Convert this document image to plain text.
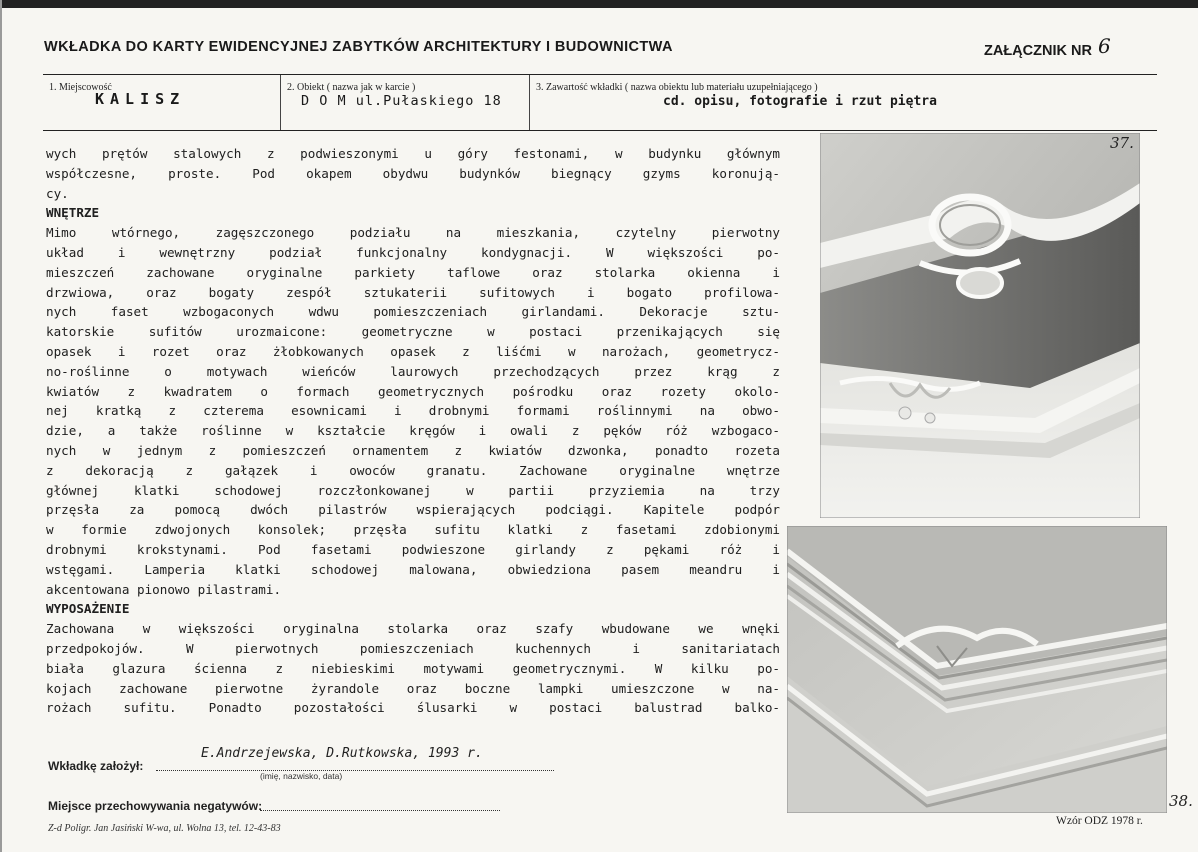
WKŁADKA DO KARTY EWIDENCYJNEJ ZABYTKÓW ARCHITEKTURY I BUDOWNICTWA	ZAŁĄCZNIK NR 6
1. Miejscowość
KALISZ
2. Obiekt ( nazwa jak w karcie )
D O M ul.Pułaskiego 18
3. Zawartość wkładki ( nazwa obiektu lub materiału uzupełniającego )
cd. opisu, fotografie i rzut piętra
wych prętów stalowych z podwieszonymi u góry festonami, w budynku głównym
współczesne, proste. Pod okapem obydwu budynków biegnący gzyms koronują-
cy.
WNĘTRZE
Mimo wtórnego, zagęszczonego podziału na mieszkania, czytelny pierwotny
układ i wewnętrzny podział funkcjonalny kondygnacji. W większości po-
mieszczeń zachowane oryginalne parkiety taflowe oraz stolarka okienna i
drzwiowa, oraz bogaty zespół sztukaterii sufitowych i bogato profilowa-
nych faset wzbogaconych wdwu pomieszczeniach girlandami. Dekoracje sztu-
katorskie sufitów urozmaicone: geometryczne w postaci przenikających się
opasek i rozet oraz żłobkowanych opasek z liśćmi w narożach, geometrycz-
no-roślinne o motywach wieńców laurowych przechodzących przez krąg z
kwiatów z kwadratem o formach geometrycznych pośrodku oraz rozety okolo-
nej kratką z czterema esownicami i drobnymi formami roślinnymi na obwo-
dzie, a także roślinne w kształcie kręgów i owali z pęków róż wzbogaco-
nych w jednym z pomieszczeń ornamentem z kwiatów dzwonka, ponadto rozeta
z dekoracją z gałązek i owoców granatu. Zachowane oryginalne wnętrze
głównej klatki schodowej rozczłonkowanej w partii przyziemia na trzy
przęsła za pomocą dwóch pilastrów wspierających podciągi. Kapitele podpór
w formie zdwojonych konsolek; przęsła sufitu klatki z fasetami zdobionymi
drobnymi krokstynami. Pod fasetami podwieszone girlandy z pękami róż i
wstęgami. Lamperia klatki schodowej malowana, obwiedziona pasem meandru i
akcentowana pionowo pilastrami.
WYPOSAŻENIE
Zachowana w większości oryginalna stolarka oraz szafy wbudowane we wnęki
przedpokojów. W pierwotnych pomieszczeniach kuchennych i sanitariatach
biała glazura ścienna z niebieskimi motywami geometrycznymi. W kilku po-
kojach zachowane pierwotne żyrandole oraz boczne lampki umieszczone w na-
rożach sufitu. Ponadto pozostałości ślusarki w postaci balustrad balko-
37.
38.
Wkładkę założył:
E.Andrzejewska, D.Rutkowska, 1993 r.
(imię, nazwisko, data)
Miejsce przechowywania negatywów:
Z-d Poligr. Jan Jasiński W-wa, ul. Wolna 13, tel. 12-43-83
Wzór ODZ 1978 r.
